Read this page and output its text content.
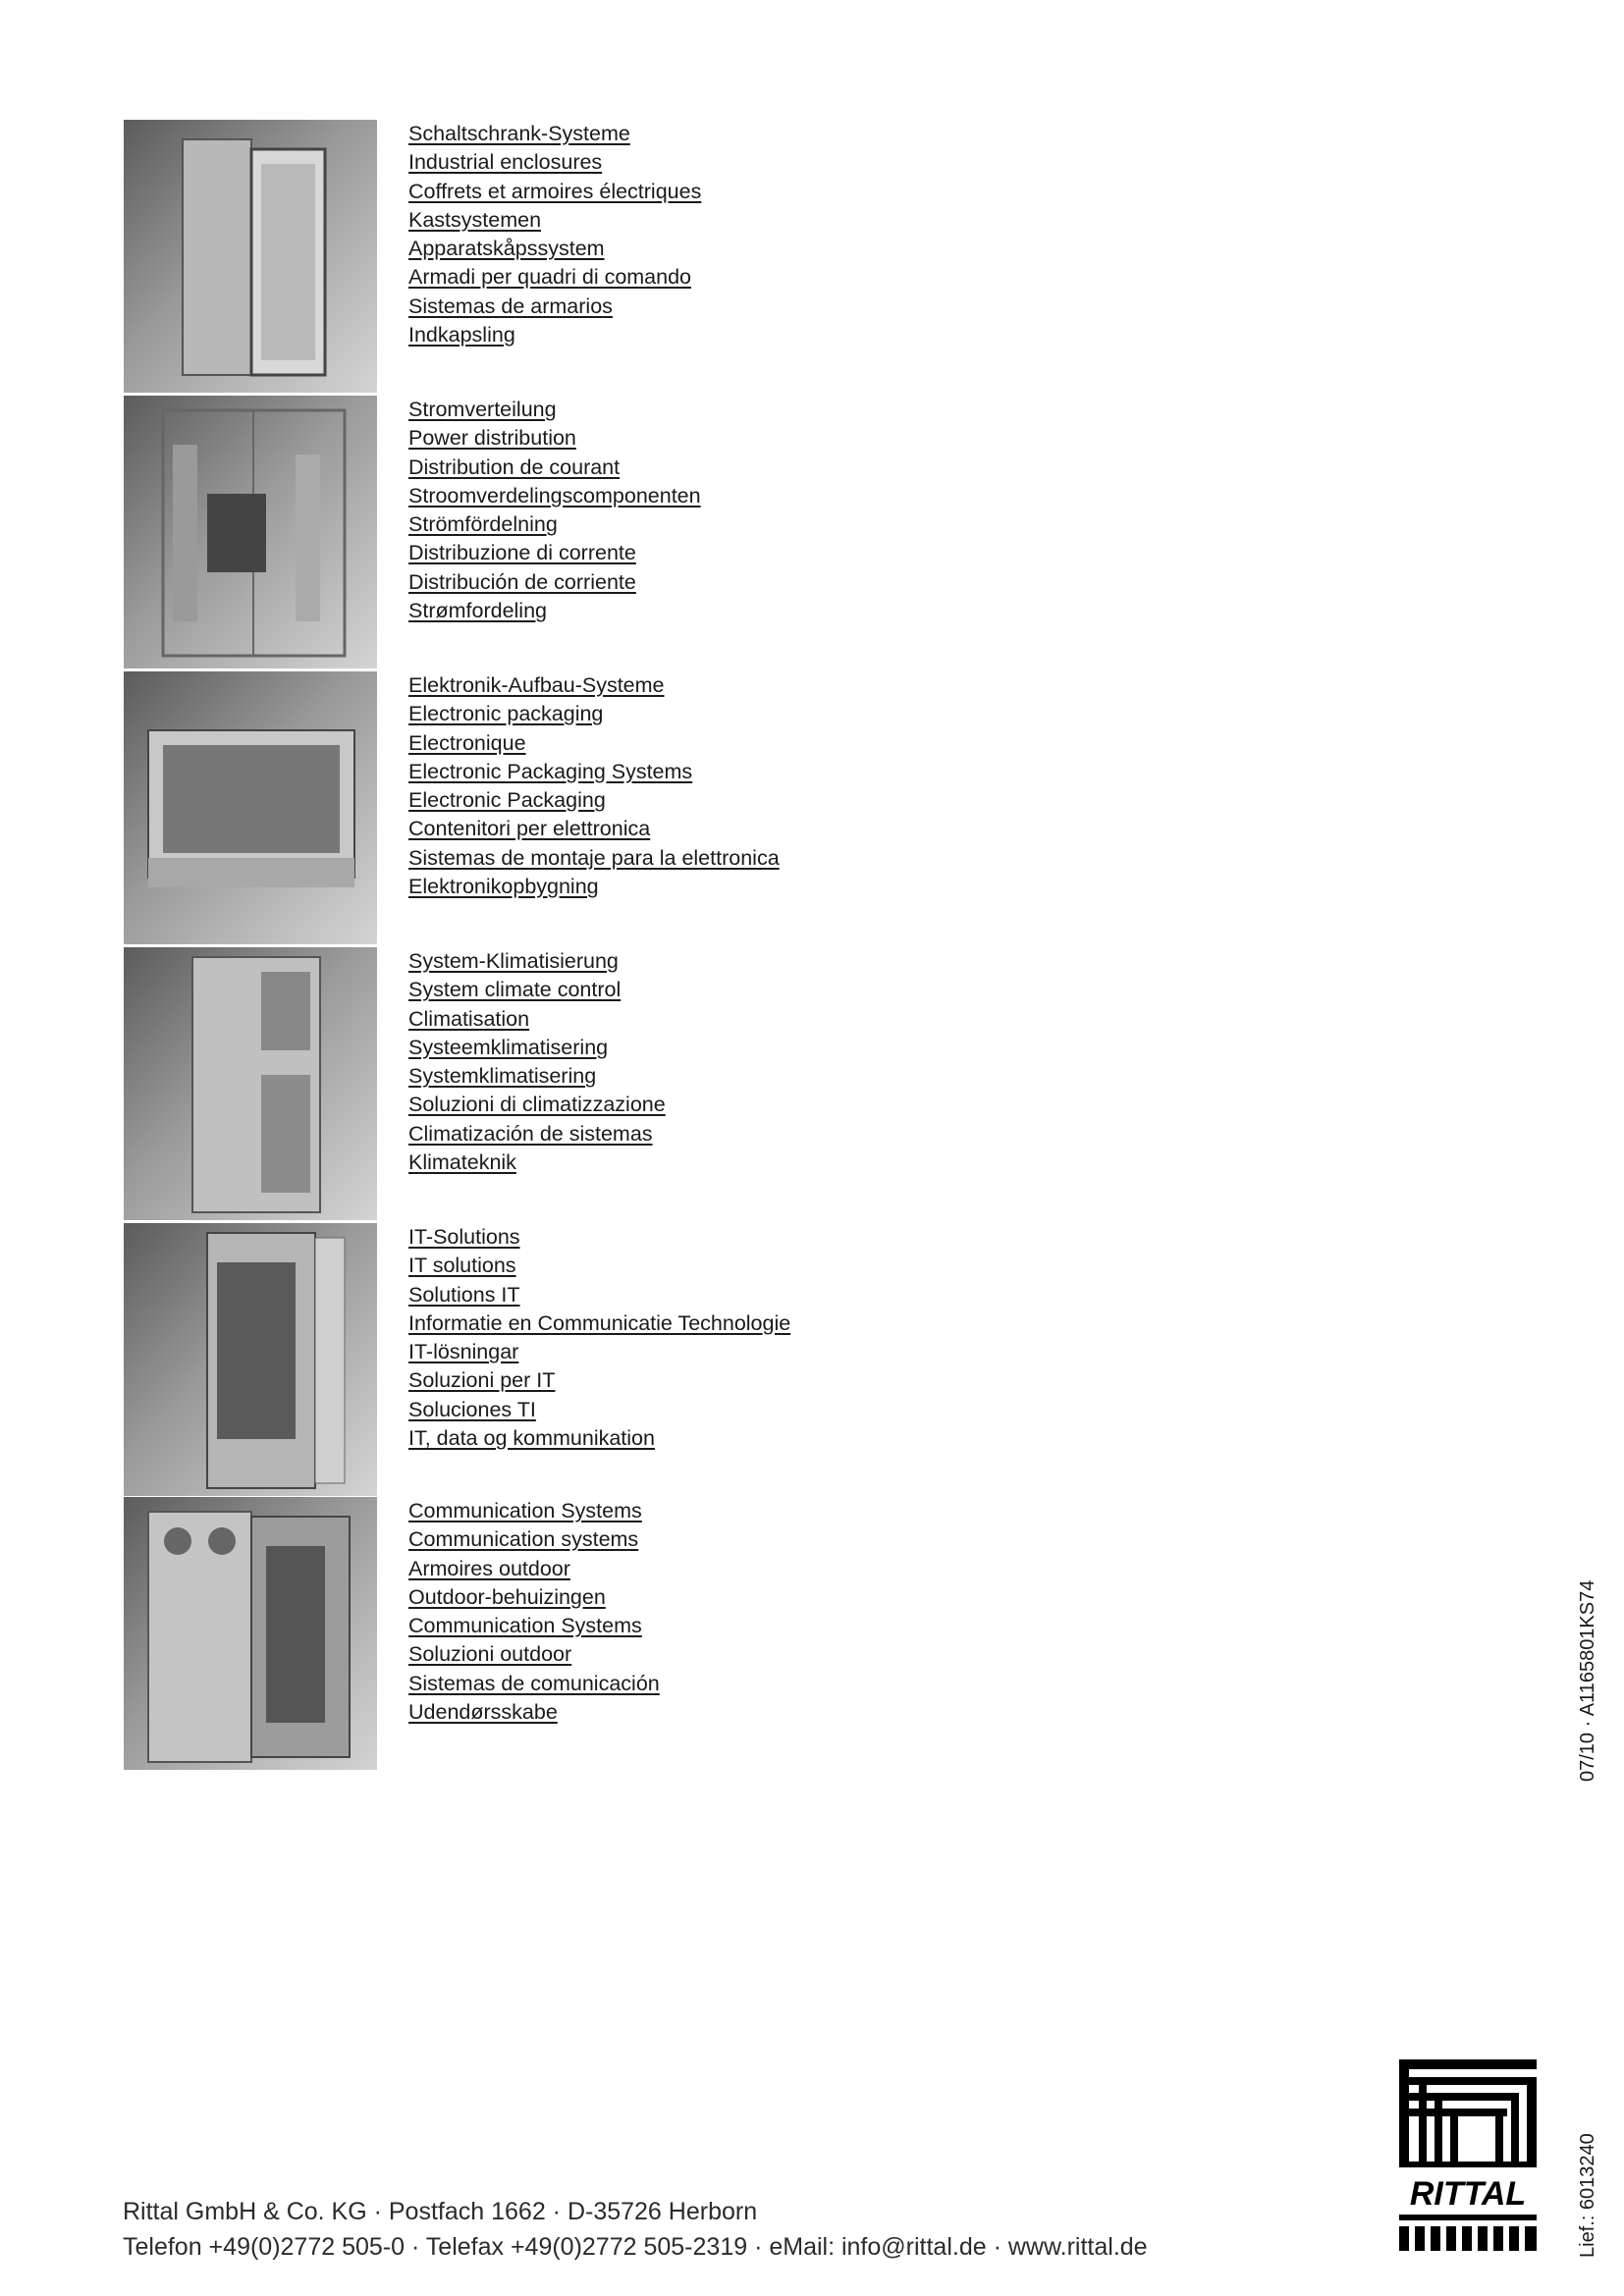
Schaltschrank-Systeme
Industrial enclosures
Coffrets et armoires électriques
Kastsystemen
Apparatskåpssystem
Armadi per quadri di comando
Sistemas de armarios
Indkapsling
Stromverteilung
Power distribution
Distribution de courant
Stroomverdelingscomponenten
Strömfördelning
Distribuzione di corrente
Distribución de corriente
Strømfordeling
Elektronik-Aufbau-Systeme
Electronic packaging
Electronique
Electronic Packaging Systems
Electronic Packaging
Contenitori per elettronica
Sistemas de montaje para la elettronica
Elektronikopbygning
System-Klimatisierung
System climate control
Climatisation
Systeemklimatisering
Systemklimatisering
Soluzioni di climatizzazione
Climatización de sistemas
Klimateknik
IT-Solutions
IT solutions
Solutions IT
Informatie en Communicatie Technologie
IT-lösningar
Soluzioni per IT
Soluciones TI
IT, data og kommunikation
Communication Systems
Communication systems
Armoires outdoor
Outdoor-behuizingen
Communication Systems
Soluzioni outdoor
Sistemas de comunicación
Udendørsskabe	07/10 · A1165801KS74
Lief.: 6013240
RITTAL
Rittal GmbH & Co. KG · Postfach 1662 · D-35726 Herborn
Telefon +49(0)2772 505-0 · Telefax +49(0)2772 505-2319 · eMail: info@rittal.de · www.rittal.de
